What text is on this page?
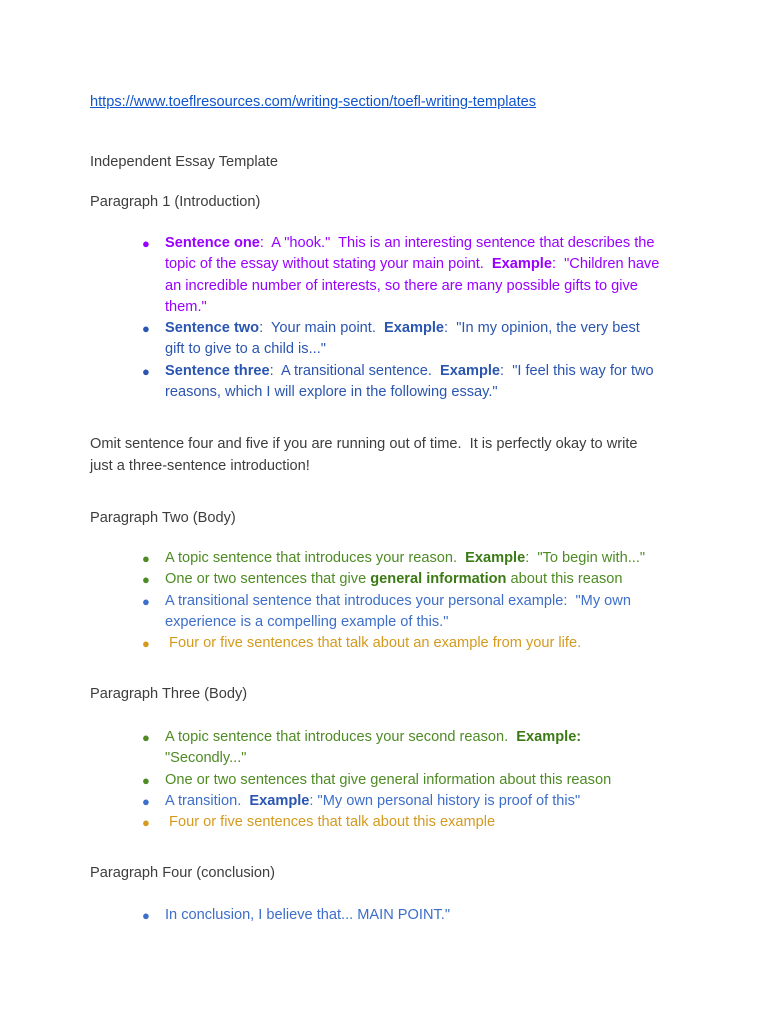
https://www.toeflresources.com/writing-section/toefl-writing-templates
Independent Essay Template
Paragraph 1 (Introduction)
● Sentence one:  A "hook."  This is an interesting sentence that describes the
topic of the essay without stating your main point.  Example:  "Children have
an incredible number of interests, so there are many possible gifts to give
them."
● Sentence two:  Your main point.  Example:  "In my opinion, the very best
gift to give to a child is..."
● Sentence three:  A transitional sentence.  Example:  "I feel this way for two
reasons, which I will explore in the following essay."
Omit sentence four and five if you are running out of time.  It is perfectly okay to write
just a three-sentence introduction!
Paragraph Two (Body)
● A topic sentence that introduces your reason.  Example:  "To begin with..."
● One or two sentences that give general information about this reason
● A transitional sentence that introduces your personal example:  "My own
experience is a compelling example of this."
● Four or five sentences that talk about an example from your life.
Paragraph Three (Body)
● A topic sentence that introduces your second reason.  Example:
"Secondly..."
● One or two sentences that give general information about this reason
● A transition.  Example: "My own personal history is proof of this"
● Four or five sentences that talk about this example
Paragraph Four (conclusion)
● In conclusion, I believe that... MAIN POINT."
